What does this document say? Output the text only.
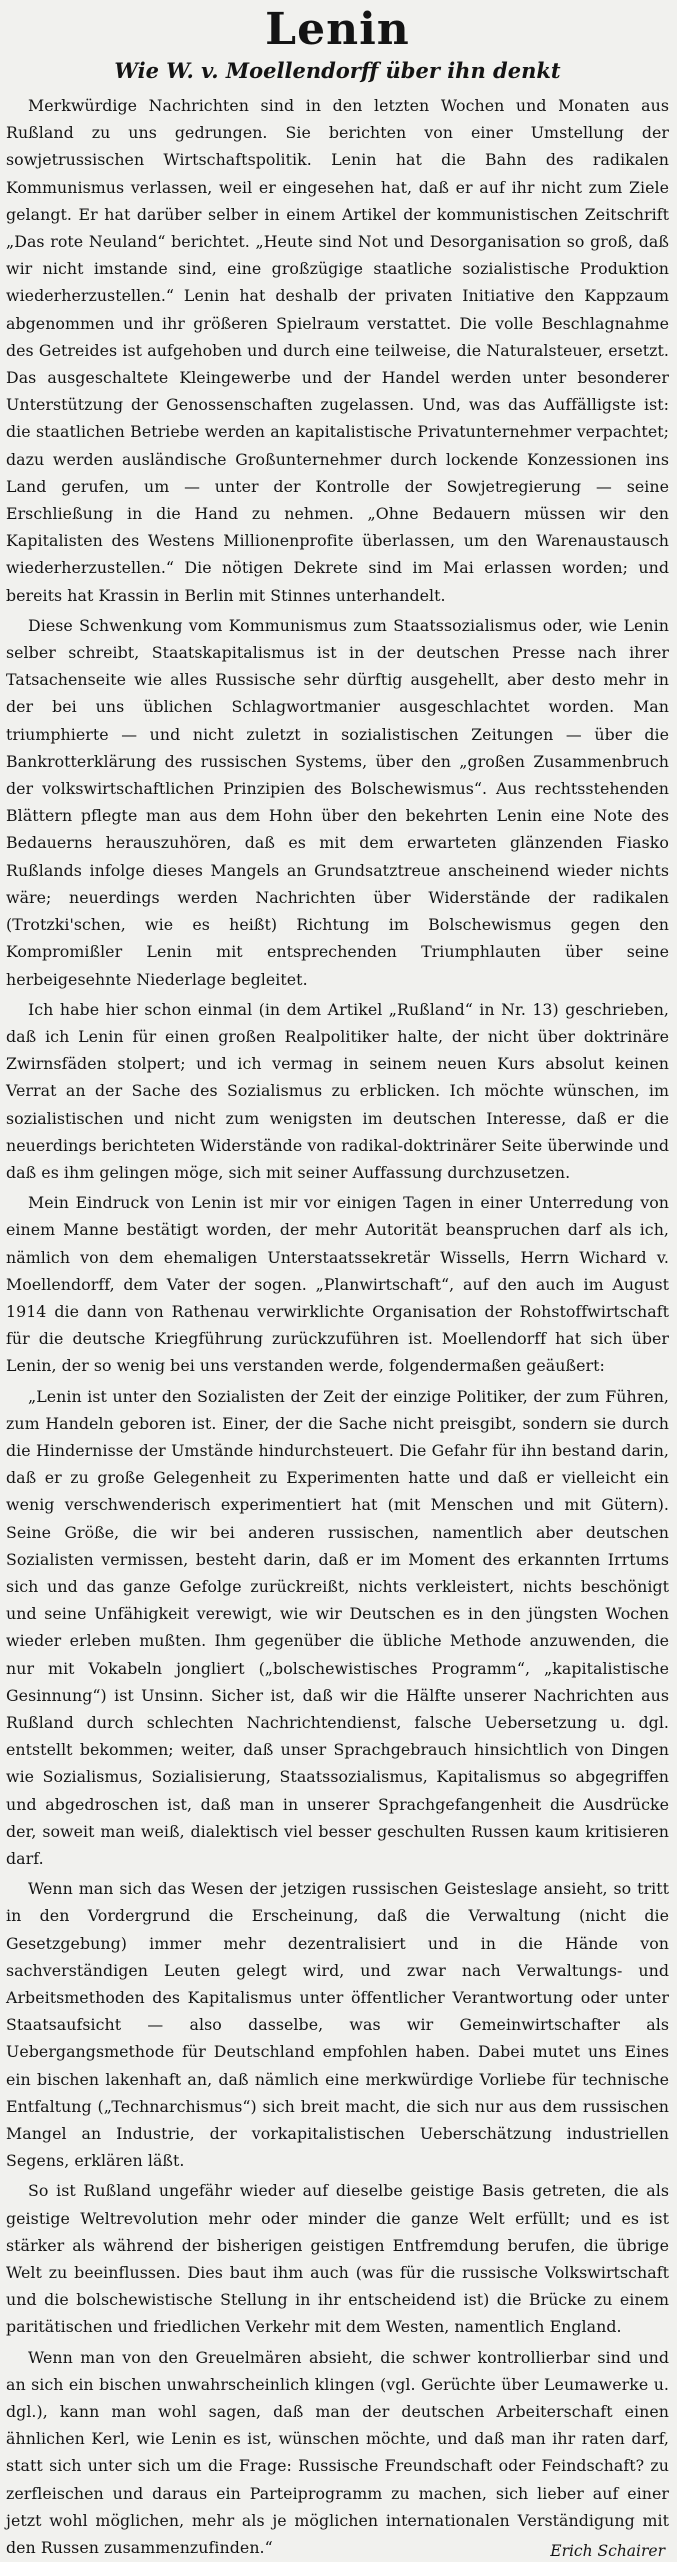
Lenin
Wie W. v. Moellendorff über ihn denkt

Merkwürdige Nachrichten sind in den letzten Wochen und Monaten aus Rußland zu uns gedrungen. Sie berichten von einer Umstellung der sowjetrussischen Wirtschaftspolitik. Lenin hat die Bahn des radikalen Kommunismus verlassen, weil er eingesehen hat, daß er auf ihr nicht zum Ziele gelangt. Er hat darüber selber in einem Artikel der kommunistischen Zeitschrift „Das rote Neuland“ berichtet. „Heute sind Not und Desorganisation so groß, daß wir nicht imstande sind, eine großzügige staatliche sozialistische Produktion wiederherzustellen.“ Lenin hat deshalb der privaten Initiative den Kappzaum abgenommen und ihr größeren Spielraum verstattet. Die volle Beschlagnahme des Getreides ist aufgehoben und durch eine teilweise, die Naturalsteuer, ersetzt. Das ausgeschaltete Kleingewerbe und der Handel werden unter besonderer Unterstützung der Genossenschaften zugelassen. Und, was das Auffälligste ist: die staatlichen Betriebe werden an kapitalistische Privatunternehmer verpachtet; dazu werden ausländische Großunternehmer durch lockende Konzessionen ins Land gerufen, um — unter der Kontrolle der Sowjetregierung — seine Erschließung in die Hand zu nehmen. „Ohne Bedauern müssen wir den Kapitalisten des Westens Millionenprofite überlassen, um den Warenaustausch wiederherzustellen.“ Die nötigen Dekrete sind im Mai erlassen worden; und bereits hat Krassin in Berlin mit Stinnes unterhandelt.

Diese Schwenkung vom Kommunismus zum Staatssozialismus oder, wie Lenin selber schreibt, Staatskapitalismus ist in der deutschen Presse nach ihrer Tatsachenseite wie alles Russische sehr dürftig ausgehellt, aber desto mehr in der bei uns üblichen Schlagwortmanier ausgeschlachtet worden. Man triumphierte — und nicht zuletzt in sozialistischen Zeitungen — über die Bankrotterklärung des russischen Systems, über den „großen Zusammenbruch der volkswirtschaftlichen Prinzipien des Bolschewismus“. Aus rechtsstehenden Blättern pflegte man aus dem Hohn über den bekehrten Lenin eine Note des Bedauerns herauszuhören, daß es mit dem erwarteten glänzenden Fiasko Rußlands infolge dieses Mangels an Grundsatztreue anscheinend wieder nichts wäre; neuerdings werden Nachrichten über Widerstände der radikalen (Trotzki'schen, wie es heißt) Richtung im Bolschewismus gegen den Kompromißler Lenin mit entsprechenden Triumphlauten über seine herbeigesehnte Niederlage begleitet.

Ich habe hier schon einmal (in dem Artikel „Rußland“ in Nr. 13) geschrieben, daß ich Lenin für einen großen Realpolitiker halte, der nicht über doktrinäre Zwirnsfäden stolpert; und ich vermag in seinem neuen Kurs absolut keinen Verrat an der Sache des Sozialismus zu erblicken. Ich möchte wünschen, im sozialistischen und nicht zum wenigsten im deutschen Interesse, daß er die neuerdings berichteten Widerstände von radikal-doktrinärer Seite überwinde und daß es ihm gelingen möge, sich mit seiner Auffassung durchzusetzen.

Mein Eindruck von Lenin ist mir vor einigen Tagen in einer Unterredung von einem Manne bestätigt worden, der mehr Autorität beanspruchen darf als ich, nämlich von dem ehemaligen Unterstaatssekretär Wissells, Herrn Wichard v. Moellendorff, dem Vater der sogen. „Planwirtschaft“, auf den auch im August 1914 die dann von Rathenau verwirklichte Organisation der Rohstoffwirtschaft für die deutsche Kriegführung zurückzuführen ist. Moellendorff hat sich über Lenin, der so wenig bei uns verstanden werde, folgendermaßen geäußert:

„Lenin ist unter den Sozialisten der Zeit der einzige Politiker, der zum Führen, zum Handeln geboren ist. Einer, der die Sache nicht preisgibt, sondern sie durch die Hindernisse der Umstände hindurchsteuert. Die Gefahr für ihn bestand darin, daß er zu große Gelegenheit zu Experimenten hatte und daß er vielleicht ein wenig verschwenderisch experimentiert hat (mit Menschen und mit Gütern). Seine Größe, die wir bei anderen russischen, namentlich aber deutschen Sozialisten vermissen, besteht darin, daß er im Moment des erkannten Irrtums sich und das ganze Gefolge zurückreißt, nichts verkleistert, nichts beschönigt und seine Unfähigkeit verewigt, wie wir Deutschen es in den jüngsten Wochen wieder erleben mußten. Ihm gegenüber die übliche Methode anzuwenden, die nur mit Vokabeln jongliert („bolschewistisches Programm“, „kapitalistische Gesinnung“) ist Unsinn. Sicher ist, daß wir die Hälfte unserer Nachrichten aus Rußland durch schlechten Nachrichtendienst, falsche Uebersetzung u. dgl. entstellt bekommen; weiter, daß unser Sprachgebrauch hinsichtlich von Dingen wie Sozialismus, Sozialisierung, Staatssozialismus, Kapitalismus so abgegriffen und abgedroschen ist, daß man in unserer Sprachgefangenheit die Ausdrücke der, soweit man weiß, dialektisch viel besser geschulten Russen kaum kritisieren darf.

Wenn man sich das Wesen der jetzigen russischen Geisteslage ansieht, so tritt in den Vordergrund die Erscheinung, daß die Verwaltung (nicht die Gesetzgebung) immer mehr dezentralisiert und in die Hände von sachverständigen Leuten gelegt wird, und zwar nach Verwaltungs- und Arbeitsmethoden des Kapitalismus unter öffentlicher Verantwortung oder unter Staatsaufsicht — also dasselbe, was wir Gemeinwirtschafter als Uebergangsmethode für Deutschland empfohlen haben. Dabei mutet uns Eines ein bischen lakenhaft an, daß nämlich eine merkwürdige Vorliebe für technische Entfaltung („Technarchismus“) sich breit macht, die sich nur aus dem russischen Mangel an Industrie, der vorkapitalistischen Ueberschätzung industriellen Segens, erklären läßt.

So ist Rußland ungefähr wieder auf dieselbe geistige Basis getreten, die als geistige Weltrevolution mehr oder minder die ganze Welt erfüllt; und es ist stärker als während der bisherigen geistigen Entfremdung berufen, die übrige Welt zu beeinflussen. Dies baut ihm auch (was für die russische Volkswirtschaft und die bolschewistische Stellung in ihr entscheidend ist) die Brücke zu einem paritätischen und friedlichen Verkehr mit dem Westen, namentlich England.

Wenn man von den Greuelmären absieht, die schwer kontrollierbar sind und an sich ein bischen unwahrscheinlich klingen (vgl. Gerüchte über Leumawerke u. dgl.), kann man wohl sagen, daß man der deutschen Arbeiterschaft einen ähnlichen Kerl, wie Lenin es ist, wünschen möchte, und daß man ihr raten darf, statt sich unter sich um die Frage: Russische Freundschaft oder Feindschaft? zu zerfleischen und daraus ein Parteiprogramm zu machen, sich lieber auf einer jetzt wohl möglichen, mehr als je möglichen internationalen Verständigung mit den Russen zusammenzufinden.“	Erich Schairer
